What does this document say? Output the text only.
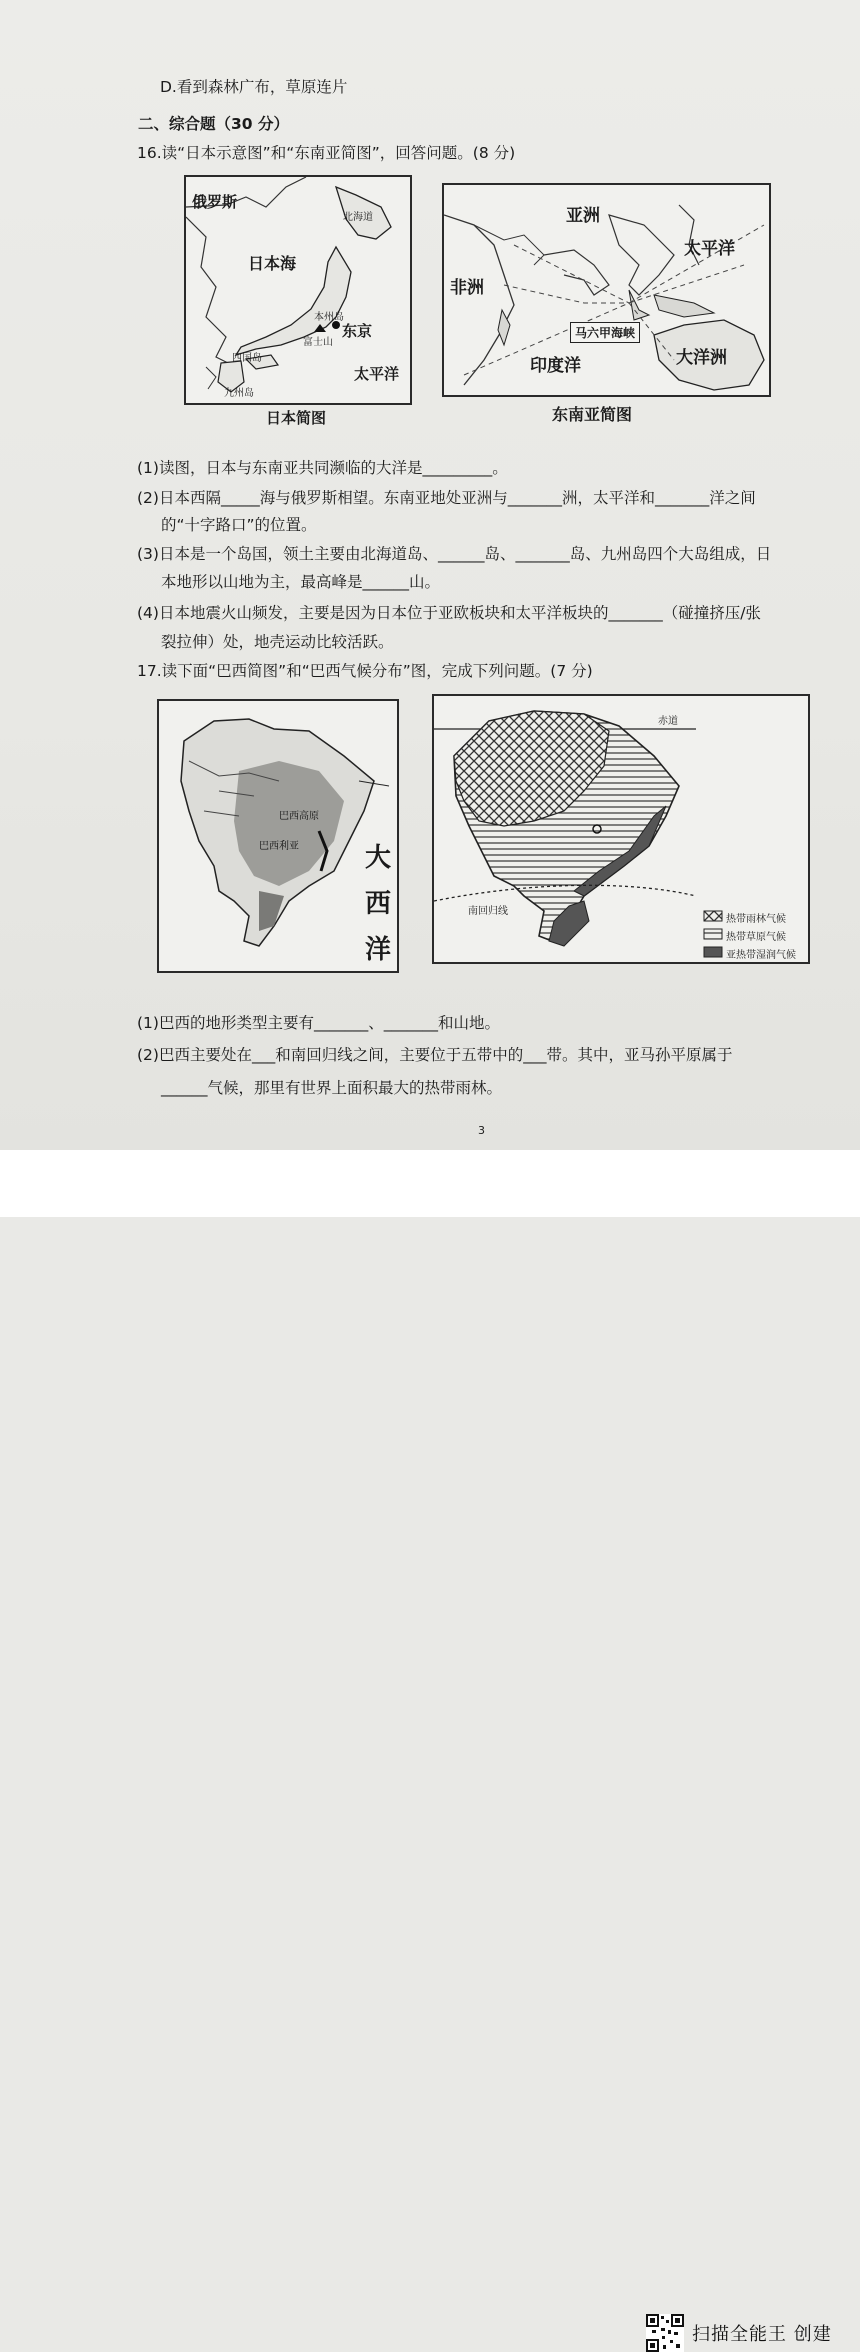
D.看到森林广布，草原连片
二、综合题（30 分）
16.读“日本示意图”和“东南亚简图”，回答问题。(8 分)
俄罗斯
北海道
日本海
本州岛
东京
富士山
四国岛
九州岛
太平洋
日本简图
亚洲
非洲
太平洋
马六甲海峡
印度洋	大洋洲
东南亚简图
(1)读图，日本与东南亚共同濒临的大洋是_________。
(2)日本西隔_____海与俄罗斯相望。东南亚地处亚洲与_______洲，太平洋和_______洋之间
的“十字路口”的位置。
(3)日本是一个岛国，领土主要由北海道岛、______岛、_______岛、九州岛四个大岛组成，日
本地形以山地为主，最高峰是______山。
(4)日本地震火山频发，主要是因为日本位于亚欧板块和太平洋板块的_______（碰撞挤压/张
裂拉伸）处，地壳运动比较活跃。
17.读下面“巴西简图”和“巴西气候分布”图，完成下列问题。(7 分)
巴西高原
巴西利亚	大
西
洋
赤道
南回归线
热带雨林气候
热带草原气候
亚热带湿润气候
(1)巴西的地形类型主要有_______、_______和山地。
(2)巴西主要处在___和南回归线之间，主要位于五带中的___带。其中，亚马孙平原属于
______气候，那里有世界上面积最大的热带雨林。
3
扫描全能王 创建
